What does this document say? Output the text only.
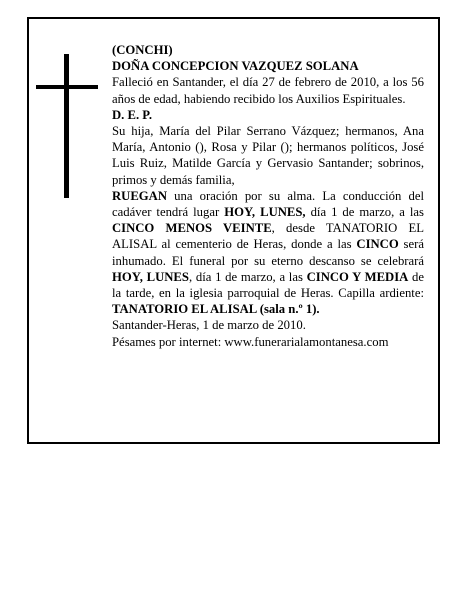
(CONCHI)

DOÑA CONCEPCION VAZQUEZ SOLANA

Falleció en Santander, el día 27 de febrero de 2010, a los 56 años de edad, habiendo recibido los Auxilios Espirituales.

D. E. P.

Su hija, María del Pilar Serrano Vázquez; hermanos, Ana María, Antonio (), Rosa y Pilar (); hermanos políticos, José Luis Ruiz, Matilde García y Gervasio Santander; sobrinos, primos y demás familia,

RUEGAN una oración por su alma. La conducción del cadáver tendrá lugar HOY, LUNES, día 1 de marzo, a las CINCO MENOS VEINTE, desde TANATORIO EL ALISAL al cementerio de Heras, donde a las CINCO será inhumado. El funeral por su eterno descanso se celebrará HOY, LUNES, día 1 de marzo, a las CINCO Y MEDIA de la tarde, en la iglesia parroquial de Heras. Capilla ardiente: TANATORIO EL ALISAL (sala n.º 1).

Santander-Heras, 1 de marzo de 2010.

Pésames por internet: www.funerarialamontanesa.com
